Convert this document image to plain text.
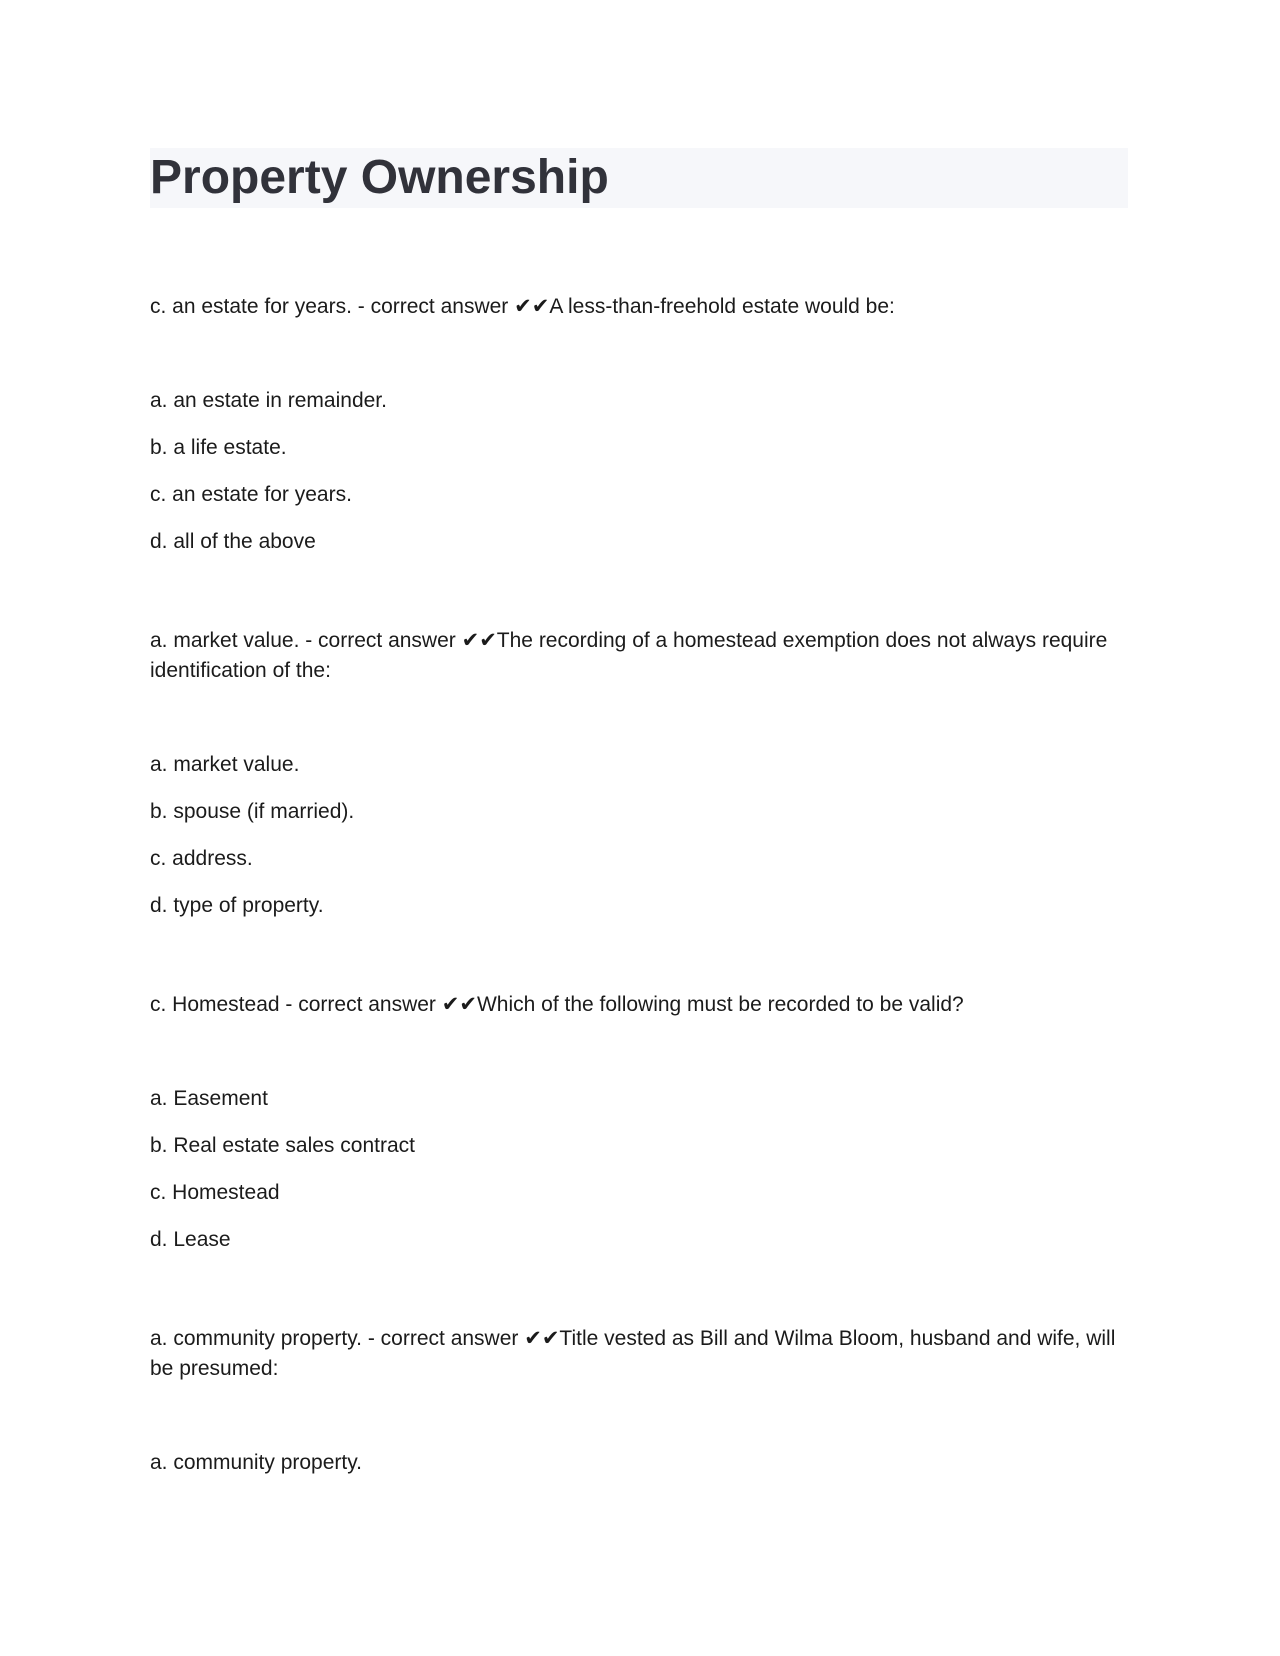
Property Ownership

c. an estate for years. - correct answer ✔✔A less-than-freehold estate would be:

a. an estate in remainder.
b. a life estate.
c. an estate for years.
d. all of the above

a. market value. - correct answer ✔✔The recording of a homestead exemption does not always require identification of the:

a. market value.
b. spouse (if married).
c. address.
d. type of property.

c. Homestead - correct answer ✔✔Which of the following must be recorded to be valid?

a. Easement
b. Real estate sales contract
c. Homestead
d. Lease

a. community property. - correct answer ✔✔Title vested as Bill and Wilma Bloom, husband and wife, will be presumed:

a. community property.
